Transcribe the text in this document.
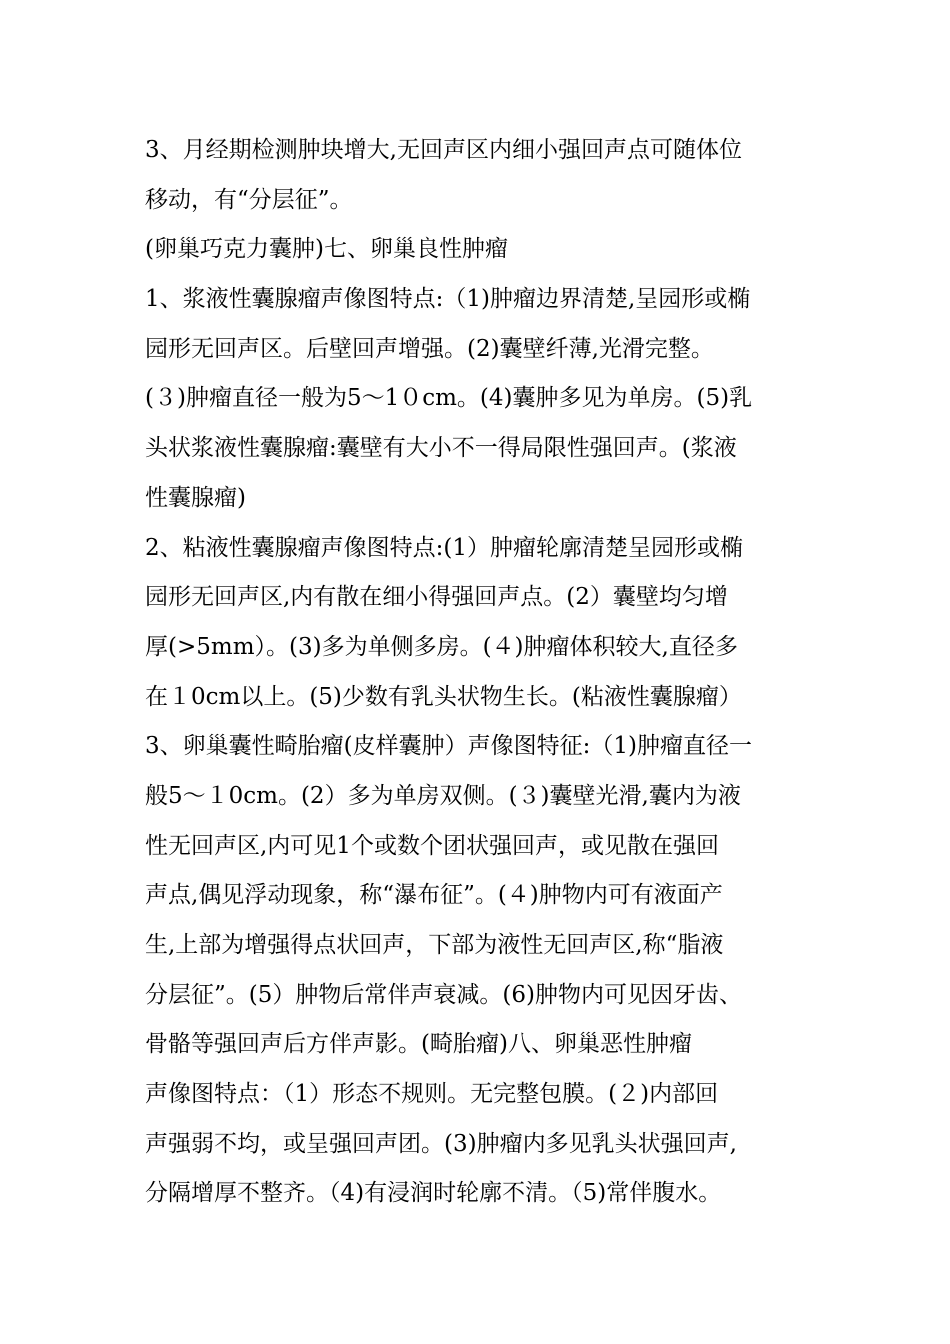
3、月经期检测肿块增大,无回声区内细小强回声点可随体位
移动，有“分层征”。
(卵巢巧克力囊肿)七、卵巢良性肿瘤
1、浆液性囊腺瘤声像图特点:（1)肿瘤边界清楚,呈园形或椭
园形无回声区。后壁回声增强。(2)囊壁纤薄,光滑完整。
(３)肿瘤直径一般为5～1０cm。(4)囊肿多见为单房。(5)乳
头状浆液性囊腺瘤:囊壁有大小不一得局限性强回声。(浆液
性囊腺瘤)
2、粘液性囊腺瘤声像图特点:(1）肿瘤轮廓清楚呈园形或椭
园形无回声区,内有散在细小得强回声点。(2）囊壁均匀增
厚(>5mm）。(3)多为单侧多房。(４)肿瘤体积较大,直径多
在１0cm以上。(5)少数有乳头状物生长。(粘液性囊腺瘤）
3、卵巢囊性畸胎瘤(皮样囊肿）声像图特征:（1)肿瘤直径一
般5～１0cm。(2）多为单房双侧。(３)囊壁光滑,囊内为液
性无回声区,内可见1个或数个团状强回声，或见散在强回
声点,偶见浮动现象，称“瀑布征”。(４)肿物内可有液面产
生,上部为增强得点状回声，下部为液性无回声区,称“脂液
分层征”。(5）肿物后常伴声衰减。(6)肿物内可见因牙齿、
骨骼等强回声后方伴声影。(畸胎瘤)八、卵巢恶性肿瘤
声像图特点：（1）形态不规则。无完整包膜。(２)内部回
声强弱不均，或呈强回声团。(3)肿瘤内多见乳头状强回声,
分隔增厚不整齐。（4)有浸润时轮廓不清。（5)常伴腹水。
